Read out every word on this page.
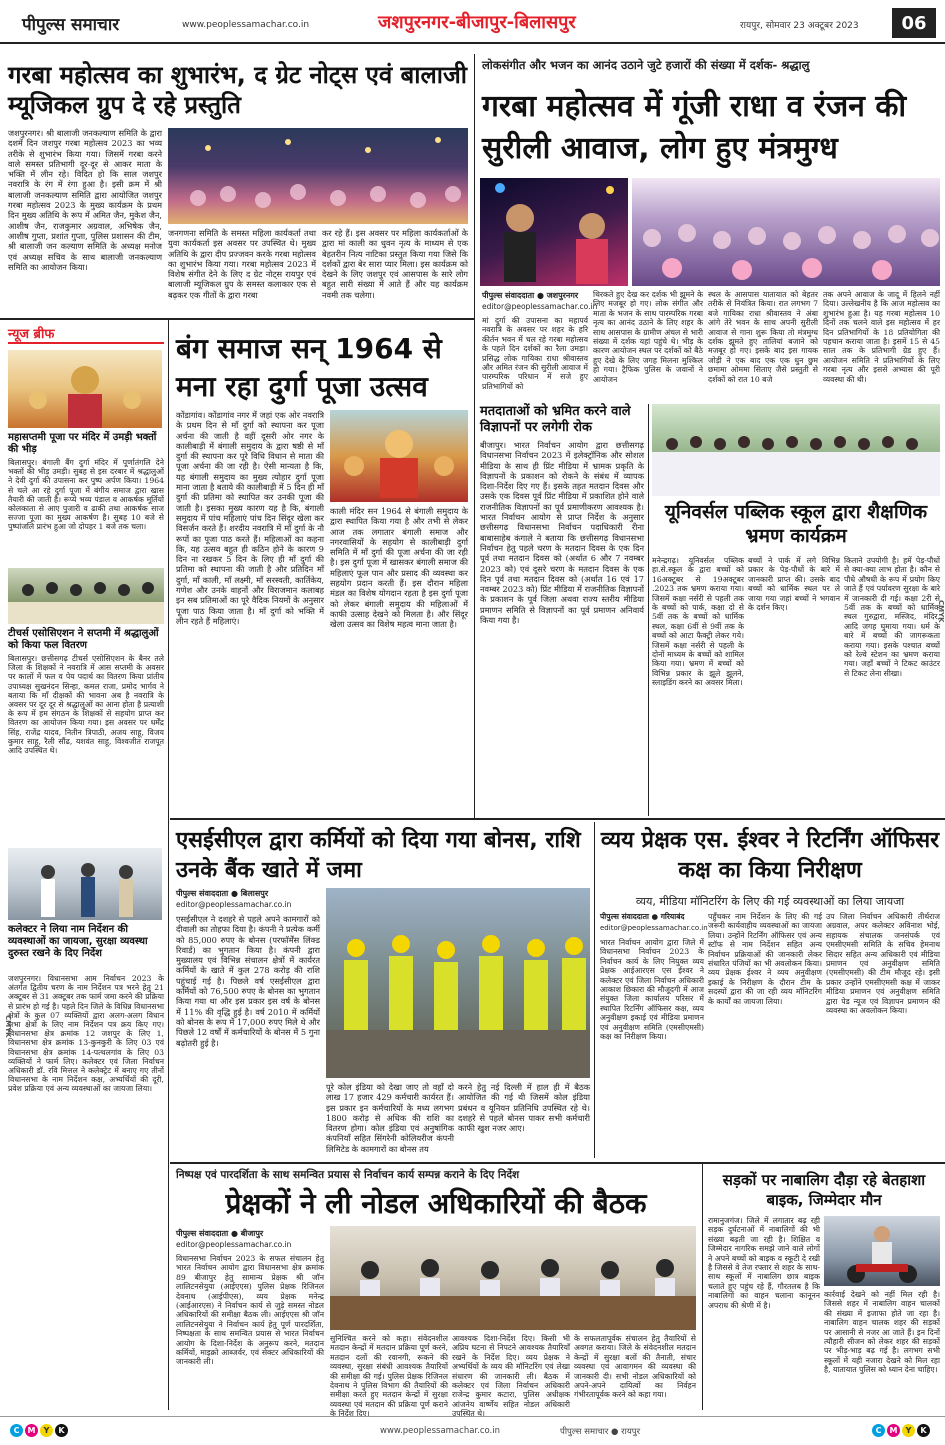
पीपुल्स समाचार	www.peoplessamachar.co.in	जशपुरनगर-बीजापुर-बिलासपुर	रायपुर, सोमवार 23 अक्टूबर 2023	06
गरबा महोत्सव का शुभारंभ, द ग्रेट नोट्स एवं बालाजी म्यूजिकल ग्रुप दे रहे प्रस्तुति
जशपुरनगर। श्री बालाजी जनकल्याण समिति के द्वारा दशमें दिन जशपुर गरबा महोत्सव 2023 का भव्य तरीके से शुभारंभ किया गया। जिसमें गरबा करने वाले समस्त प्रतिभागी दूर-दूर से आकर माता के भक्ति में लीन रहे। विदित हो कि साल जशपुर नवरात्रि के रंग में रंगा हुआ है। इसी क्रम में श्री बालाजी जनकल्याण समिति द्वारा आयोजित जशपुर गरबा महोत्सव 2023 के मुख्य कार्यक्रम के प्रथम दिन मुख्य अतिथि के रूप में अमित जैन, मुकेश जैन, आशीष जैन, राजकुमार अग्रवाल, अभिषेक जैन, आशीष गुप्ता, प्रशांत गुप्ता, पुलिस प्रशासन की टीम, श्री बालाजी जन कल्याण समिति के अध्यक्ष मनोज एवं अध्यक्ष सचिव के साथ बालाजी जनकल्याण समिति का आयोजन किया।
जनगणना समिति के समस्त महिला कार्यकर्ता तथा युवा कार्यकर्ता इस अवसर पर उपस्थित थे। मुख्य अतिथि के द्वारा दीप प्रज्जवन करके गरबा महोत्सव का शुभारंभ किया गया। गरबा महोत्सव 2023 में विशेष संगीत देने के लिए द ग्रेट नोट्स रायपुर एवं बालाजी म्यूजिकल ग्रुप के समस्त कलाकार एक से बढ़कर एक गीतों के द्वारा गरबा
कर रहे हैं। इस अवसर पर महिला कार्यकर्ताओं के द्वारा मां काली का धुवन नृत्य के माध्यम से एक बेहतरीन नित्य नाटिका प्रस्तुत किया गया जिसे कि दर्शकों द्वारा बेर सारा प्यार मिला। इस कार्यक्रम को देखने के लिए जशपुर एवं आसपास के सारे लोग बहुत सारी संख्या में आते हैं और यह कार्यक्रम नवमी तक चलेगा।
लोकसंगीत और भजन का आनंद उठाने जुटे हजारों की संख्या में दर्शक- श्रद्धालु
गरबा महोत्सव में गूंजी राधा व रंजन की सुरीली आवाज, लोग हुए मंत्रमुग्ध
पीपुल्स संवाददाता ● जशपुरनगर
editor@peoplessamachar.co.in
मां दुर्गा की उपासना का महापर्व नवरात्रि के अवसर पर शहर के हरि कीर्तन भवन में चल रहे गरबा महोत्सव के पहले दिन दर्शकों का रैला उमड़ा। प्रसिद्ध लोक गायिका राधा श्रीवास्तव और अमित रंजन की सुरीली आवाज में पारम्परिक परिधान में सजे हुए प्रतिभागियों को
थिरकते हुए देख कर दर्शक भी झूमने के लिए मजबूर हो गए। लोक संगीत और माता के भजन के साथ पारम्परिक गरबा नृत्य का आनंद उठाने के लिए शहर के साथ आसपास के ग्रामीण अंचल से भारी संख्या में दर्शक यहां पहुंचे थे। भीड़ के कारण आयोजन स्थल पर दर्शकों को बैठे हुए देखे के लिए जगह मिलना मुश्किल हो गया। ट्रैफिक पुलिस के जवानों ने आयोजन
स्थल के आसपास यातायात को बेहतर तरीके से नियंत्रित किया। रात लगभग 7 बजे गायिका राधा श्रीवास्तव ने अंबा आंगे तेरे भवन के साथ अपनी सुरीली आवाज से गाना शुरू किया तो मंत्रमुग्ध दर्शक झूमते हुए तालियां बजाने को मजबूर हो गए। इसके बाद इस गायक जोड़ी ने एक बाद एक एक धुन छुम छमामा ओममा सिताए जैसे प्रस्तुती से दर्शकों को रात 10 बजे
तक अपने आवाज के जादू में हिलने नहीं दिया। उल्लेखनीय है कि आज महोत्सव का शुभारंभ हुआ है। यह गरबा महोत्सव 10 दिनों तक चलने वाले इस महोत्सव में हर दिन प्रतिभागियों के 18 प्रतियोगिता की पहचान कराया जाता है। इसमें 15 से 45 साल तक के प्रतिभागी ग्रेड हुए हैं। आयोजन समिति ने प्रतिभागियों के लिए गरबा नृत्य और इससे अभ्यास की पूरी व्यवस्था की थी।
न्यूज ब्रीफ
महासप्तमी पूजा पर मंदिर में उमड़ी भक्तों की भीड़
बिलासपुर। बंगाली बैंग दुर्गा मंदिर में पूर्णातंगलि देने भक्तों की भीड़ उमड़ी। सुबह से इस दरबार में श्रद्धालुओं ने देवी दुर्गा की उपासना कर पुष्प अर्पण किया। 1964 से चले आ रहे दुर्गा पूजा में बंगीय समाज द्वारा खास तैयारी की जाती है। रूप्ये भव्य पंडाल व आकर्षक मूर्तियों कोलकाता से आए पुजारी व ढाकी तथा आकर्षक साज सज्जा पूजा का मुख्य आकर्षण है। सुबह 10 बजे से पुष्पांजलि प्रारंभ हुआ जो दोपहर 1 बजे तक चला।
टीचर्स एसोसिएशन ने सप्तमी में श्रद्धालुओं को किया फल वितरण
बिलासपुर। छत्तीसगढ़ टीचर्स एसोसिएशन के बैनर तले जिला के शिक्षकों ने नवरात्रि में आस सप्तमी के अवसर पर कालों में फल व पेय पदार्थ का वितरण किया प्रांतीय उपाध्यक्ष सुखनंदन सिन्हा, कमल राजा, प्रमोद भार्गव ने बताया कि माँ दीक्षकों की भावना अब है नवरात्रि के अवसर पर दूर दूर से श्रद्धालुओं का आना होता है प्रत्याशी के रूप में हम संगठन के शिक्षकों से सहयोग प्राप्त कर वितरण का आयोजन किया गया। इस अवसर पर धर्मेंद्र सिंह, राजेंद्र यादव, नितीन त्रिपाठी, अजय साहू, विजय कुमार साहू, रैली सौंढ, यशवंत साहू, विश्वजीत राजपूत आदि उपस्थित थे।
कलेक्टर ने लिया नाम निर्देशन की व्यवस्थाओं का जायजा, सुरक्षा व्यवस्था दुरुस्त रखने के दिए निर्देश
जशपुरनगर। विधानसभा आम निर्वाचन 2023 के अंतर्गत द्वितीय चरण के नाम निर्देशन पत्र भरने हेतु 21 अक्टूबर से 31 अक्टूबर तक फार्म जमा करने की प्रक्रिया से प्रारंभ हो गई है। पहले दिन जिले के विधिन्न विधानसभा क्षेत्रों के कुल 07 व्यक्तियों द्वारा अलग-अलग विधान सभा क्षेत्रों के लिए नाम निर्देशन पत्र क्रय किए गए। विधानसभा क्षेत्र क्रमांक 12 जशपुर के लिए 1, विधानसभा क्षेत्र क्रमांक 13-कुनकुरी के लिए 03 एवं विधानसभा क्षेत्र क्रमांक 14-पत्थलगांव के लिए 03 व्यक्तियों ने फार्म लिए। कलेक्टर एवं जिला निर्वाचन अधिकारी डॉ. रवि मित्तल ने कलेक्ट्रेट में बनाए गए तीनों विधानसभा के नाम निर्देशन कक्ष, अभ्यर्थियों की दूरी, प्रवेश प्रक्रिया एवं अन्य व्यवस्थाओं का जायजा लिया।
बंग समाज सन् 1964 से मना रहा दुर्गा पूजा उत्सव
कोंडागांव। कोंडागांव नगर में जहां एक ओर नवरात्रि के प्रथम दिन से माँ दुर्गा को स्थापना कर पूजा अर्चना की जाती है वहीं दूसरी ओर नगर के कालीबाड़ी में बंगाली समुदाय के द्वारा षष्ठी से माँ दुर्गा की स्थापना कर पूरे विधि विधान से माता की पूजा अर्चना की जा रही है। ऐसी मान्यता है कि, यह बंगाली समुदाय का मुख्य त्योहार दुर्गा पूजा माना जाता है बताये की कालीबाड़ी में 5 दिन ही माँ दुर्गा की प्रतिमा को स्थापित कर उनकी पूजा की जाती है। इसका मुख्य कारण यह है कि, बंगाली समुदाय में पांच महिलाएं पांच दिन सिंदूर खेला कर विसर्जन करते हैं। शरदीय नवरात्रि में माँ दुर्गा के नौ रूपों का पूजा पाठ करते हैं। महिलाओं का कहना कि, यह उत्सव बहुत ही कठिन होने के कारण 9 दिन ना रखकर 5 दिन के लिए ही माँ दुर्गा की प्रतिमा को स्थापना की जाती है और प्रतिदिन माँ दुर्गा, माँ काली, माँ लक्ष्मी, माँ सरस्वती, कार्तिकेय, गणेश और उनके वाहनों और विराजमान कलाबह इन सब प्रतिमाओं का पूरे वैदिक नियमों के अनुसार पूजा पाठ किया जाता है। माँ दुर्गा को भक्ति में लीन रहते हैं महिलाएं।
काली मंदिर सन 1964 से बंगाली समुदाय के द्वारा स्थापित किया गया है और तभी से लेकर आज तक लगातार बंगाली समाज और नगरवासियों के सहयोग से कालीबाड़ी दुर्गा समिति में माँ दुर्गा की पूजा अर्चना की जा रही है। इस दुर्गा पूजा में खासकर बंगाली समाज की महिलाएं फूल पान और प्रसाद की व्यवस्था कर सहयोग प्रदान करती हैं। इस दौरान महिला मंडल का विशेष योगदान रहता है इस दुर्गा पूजा को लेकर बंगाली समुदाय की महिलाओं में काफी उत्साह देखने को मिलता है। और सिंदूर खेला उत्सव का विशेष महत्व माना जाता है।
मतदाताओं को भ्रमित करने वाले विज्ञापनों पर लगेगी रोक
बीजापुर। भारत निर्वाचन आयोग द्वारा छत्तीसगढ़ विधानसभा निर्वाचन 2023 में इलेक्ट्रॉनिक और सोशल मीडिया के साथ ही प्रिंट मीडिया में भ्रामक प्रकृति के विज्ञापनों के प्रकाशन को रोकने के संबंध में व्यापक दिशा-निर्देश दिए गए हैं। इसके तहत मतदान दिवस और उसके एक दिवस पूर्व प्रिंट मीडिया में प्रकाशित होने वाले राजनीतिक विज्ञापनों का पूर्व प्रमाणीकरण आवश्यक है। भारत निर्वाचन आयोग से प्राप्त निर्देश के अनुसार छत्तीसगढ़ विधानसभा निर्वाचन पदाधिकारी रीना बाबासाहेब कंगाले ने बताया कि छत्तीसगढ़ विधानसभा निर्वाचन हेतु पहले चरण के मतदान दिवस के एक दिन पूर्व तथा मतदान दिवस को (अर्थात 6 और 7 नवम्बर 2023 को) एवं दूसरे चरण के मतदान दिवस के एक दिन पूर्व तथा मतदान दिवस को (अर्थात 16 एवं 17 नवम्बर 2023 को) प्रिंट मीडिया में राजनीतिक विज्ञापनों के प्रकाशन के पूर्व जिला अथवा राज्य स्तरीय मीडिया प्रमाणन समिति से विज्ञापनों का पूर्व प्रमाणन अनिवार्य किया गया है।
यूनिवर्सल पब्लिक स्कूल द्वारा शैक्षणिक भ्रमण कार्यक्रम
मनेन्द्रगढ़। यूनिवर्सल पब्लिक हा.से.स्कूल के द्वारा बच्चों को 16अक्टूबर से 19अक्टूबर .2023 तक भ्रमण कराया गया। जिसमें कक्षा नर्सरी से पहली तक के बच्चों को पार्क, कक्षा दो से 5वीं तक के बच्चों को धार्मिक स्थल, कक्षा 6वीं से 9वीं तक के बच्चों को आटा फैक्ट्री लेकर गये। जिसमें कक्षा नर्सरी से पहली के दोनों माध्यम के बच्चों को शामिल किया गया। भ्रमण में बच्चों को विभिन्न प्रकार के झूले झूलने, स्लाइडिंग करने का अवसर मिला।
बच्चों ने पार्क में लगे विभिन्न प्रकार के पेड़-पौधों के बारे में जानकारी प्राप्त की। उसके बाद बच्चों को धार्मिक स्थल पर ले जाया गया जहां बच्चों ने भगवान के दर्शन किए।
किताने उपयोगी है। हमें पेड़-पौधों से क्या-क्या लाभ होता है। कौन से पौधे औषधी के रूप में प्रयोग किए जाते हैं एवं पर्यावरण सुरक्षा के बारे में जानकारी दी गई। कक्षा 2री से 5वीं तक के बच्चों को धार्मिक स्थल गुरुद्वारा, मस्जिद, मंदिर, आदि जगह घुमाया गया। धर्म के बारे में बच्चों की जागरूकता कराया गया। इसके पश्चात बच्चों को रेल्वे स्टेशन का भ्रमण कराया गया। जहाँ बच्चों ने टिकट काउंटर से टिकट लेना सीखा।
एसईसीएल द्वारा कर्मियों को दिया गया बोनस, राशि उनके बैंक खाते में जमा
पीपुल्स संवाददाता ● बिलासपुर
editor@peoplessamachar.co.in
एसईसीएल ने दशहरे से पहले अपने कामगारों को दीवाली का तोहफा दिया है। कंपनी ने प्रत्येक कर्मी को 85,000 रुपए के बोनस (परफॉर्मेंस लिंक्ड रिवार्ड) का भुगतान किया है। कंपनी द्वारा मुख्यालय एवं विभिन्न संचालन क्षेत्रों में कार्यरत कर्मियों के खाते में कुल 278 करोड़ की राशि पहुंचाई गई है। पिछले वर्ष एसईसीएल द्वारा कर्मियों को 76,500 रुपए के बोनस का भुगतान किया गया था और इस प्रकार इस वर्ष के बोनस में 11% की वृद्धि हुई है। वर्ष 2010 में कर्मियों को बोनस के रूप में 17,000 रुपए मिले थे और पिछले 12 वर्षों में कर्मचारियों के बोनस में 5 गुना बढ़ोतरी हुई है।
पूरे कोल इंडिया को देखा जाए तो वहाँ दो लाख 17 हजार 429 कर्मचारी कार्यरत हैं। इस प्रकार इन कर्मचारियों के मध्य लगभग 1800 करोड़ से अधिक की राशि का वितरण होगा। कोल इंडिया एवं अनुषांगिक कंपनियाँ सहित सिंगरेनी कोलियरीज कंपनी लिमिटेड के कामगारों का बोनस तय
करने हेतु नई दिल्ली में हाल ही में बैठक आयोजित की गई थी जिसमें कोल इंडिया प्रबंधन व यूनियन प्रतिनिधि उपस्थित रहे थे। दशहरे से पहले बोनस पाकर सभी कर्मचारी काफी खुश नजर आए।
व्यय प्रेक्षक एस. ईश्वर ने रिटर्निंग ऑफिसर कक्ष का किया निरीक्षण
व्यय, मीडिया मॉनिटरिंग के लिए की गई व्यवस्थाओं का लिया जायजा
पीपुल्स संवाददाता ● गरियाबंद
editor@peoplessamachar.co.in
भारत निर्वाचन आयोग द्वारा जिले में विधानसभा निर्वाचन 2023 के निर्वाचन कार्य के लिए नियुक्त व्यय प्रेक्षक आईआरएस एस ईश्वर ने कलेक्टर एवं जिला निर्वाचन अधिकारी आकाश छिकारा की मौजूदगी में आज संयुक्त जिला कार्यालय परिसर में स्थापित रिटर्निंग ऑफिसर कक्ष, व्यय अनुवीक्षण इकाई एवं मीडिया प्रमाणन एवं अनुवीक्षण समिति (एमसीएमसी) कक्ष का निरीक्षण किया।
पहुँचकर नाम निर्देशन के लिए की गई जरूरी कार्यवाहीय व्यवस्थाओं का जायजा लिया। उन्होंने रिटर्निंग ऑफिसर एवं अन्य स्टॉफ से नाम निर्देशन सहित अन्य निर्वाचन प्रक्रियाओं की जानकारी लेकर संधारित पंजियों का भी अवलोकन किया। व्यय प्रेक्षक ईश्वर ने व्यय अनुवीक्षण इकाई के निरीक्षण के दौरान टीम के सदस्यों द्वारा की जा रही व्यय मॉनिटरिंग के कार्यों का जायजा लिया।
उप जिला निर्वाचन अधिकारी तीर्थराज अग्रवाल, अपर कलेक्टर अविनाश भोई, सहायक संचालक जनसंपर्क एवं एमसीएमसी समिति के सचिव हेमनाथ सिदार सहित अन्य अधिकारी एवं मीडिया प्रमाणन एवं अनुवीक्षण समिति (एमसीएमसी) की टीम मौजूद रहे। इसी प्रकार उन्होंने एमसीएमसी कक्ष में जाकर मीडिया प्रमाणन एवं अनुवीक्षण समिति द्वारा पेड न्यूज एवं विज्ञापन प्रमाणन की व्यवस्था का अवलोकन किया।
निष्पक्ष एवं पारदर्शिता के साथ समन्वित प्रयास से निर्वाचन कार्य सम्पन्न कराने के दिए निर्देश
प्रेक्षकों ने ली नोडल अधिकारियों की बैठक
पीपुल्स संवाददाता ● बीजापुर
editor@peoplessamachar.co.in
विधानसभा निर्वाचन 2023 के सफल संचालन हेतु भारत निर्वाचन आयोग द्वारा विधानसभा क्षेत्र क्रमांक 89 बीजापुर हेतु सामान्य प्रेक्षक श्री जॉन लालिटनसेयुया (आईएएस) पुलिस प्रेक्षक रिजिनल देवनाथ (आईपीएस), व्यय प्रेक्षक मनेन्द्र (आईआरएस) ने निर्वाचन कार्य से जुड़े समस्त नोडल अधिकारियों की समीक्षा बैठक ली। आईएएस श्री जॉन लालिटनसेयुया ने निर्वाचन कार्य हेतु पूर्ण पारदर्शिता, निष्पक्षता के साथ समन्वित प्रयास से भारत निर्वाचन आयोग के दिशा-निर्देश के अनुरूप करने, मतदान कर्मियों, माइक्रो आब्जर्वर, एवं सेक्टर अधिकारियों की जानकारी ली।
सुनिश्चित करने को कहा। संवेदनशील मतदान केन्द्रों में मतदान प्रक्रिया पूर्ण करने, मतदान दलों की रवानगी, रूकने की व्यवस्था, सुरक्षा संबंधी आवश्यक तैयारियों की समीक्षा की गई। पुलिस प्रेक्षक रिजिनल देवनाथ ने पुलिस विभाग की तैयारियों की समीक्षा करते हुए मतदान केन्द्रों में सुरक्षा व्यवस्था एवं मतदान की प्रक्रिया पूर्ण कराने के निर्देश दिए।
आवश्यक दिशा-निर्देश दिए। किसी भी अप्रिय घटना से निपटने आवश्यक तैयारियाँ रखने के निर्देश दिए। व्यय प्रेक्षक ने अभ्यर्थियों के व्यय की मॉनिटरिंग एवं लेखा संधारण की जानकारी ली। बैठक में कलेक्टर एवं जिला निर्वाचन अधिकारी राजेन्द्र कुमार कटारा, पुलिस अधीक्षक आंजनेय वार्ष्णेय सहित नोडल अधिकारी उपस्थित थे।
के सफलतापूर्वक संचालन हेतु तैयारियों से अवगत कराया। जिले के संवेदनशील मतदान केन्द्रों में सुरक्षा बलों की तैनाती, संचार व्यवस्था एवं आवागमन की व्यवस्था की जानकारी दी। सभी नोडल अधिकारियों को अपने-अपने दायित्वों का निर्वहन गंभीरतापूर्वक करने को कहा गया।
सड़कों पर नाबालिग दौड़ा रहे बेतहाशा बाइक, जिम्मेदार मौन
रामानुजगंज। जिले में लगातार बढ़ रही सड़क दुर्घटनाओं में नाबालिगों की भी संख्या बढ़ती जा रही है। शिक्षित व जिम्मेदार नागरिक समझे जाने वाले लोगों ने अपने बच्चों को बाइक व स्कूटी दे रखी है जिससे वे तेज रफ्तार से शहर के साथ-साथ स्कूलों में नाबालिग छात्र बाइक चलाते हुए पहुंच रहे हैं, गौरतलब है कि नाबालिगों का वाहन चलाना कानूनन अपराध की श्रेणी में है।
कार्रवाई देखने को नहीं मिल रही है। जिससे शहर में नाबालिग वाहन चालकों की संख्या में इजाफा होते जा रहा है। नाबालिग वाहन चालक शहर की सड़कों पर आसानी से नजर आ जाते हैं। इन दिनों त्यौहारी सीजन को लेकर शहर की सड़कों पर भीड़-भाड़ बढ़ गई है। लगभग सभी स्कूलों में यही नजारा देखने को मिल रहा है, यातायात पुलिस को ध्यान देना चाहिए।
CMYK
CMYK
C	M	Y	K	www.peoplessamachar.co.in	पीपुल्स समाचार ● रायपुर	C	M	Y	K
